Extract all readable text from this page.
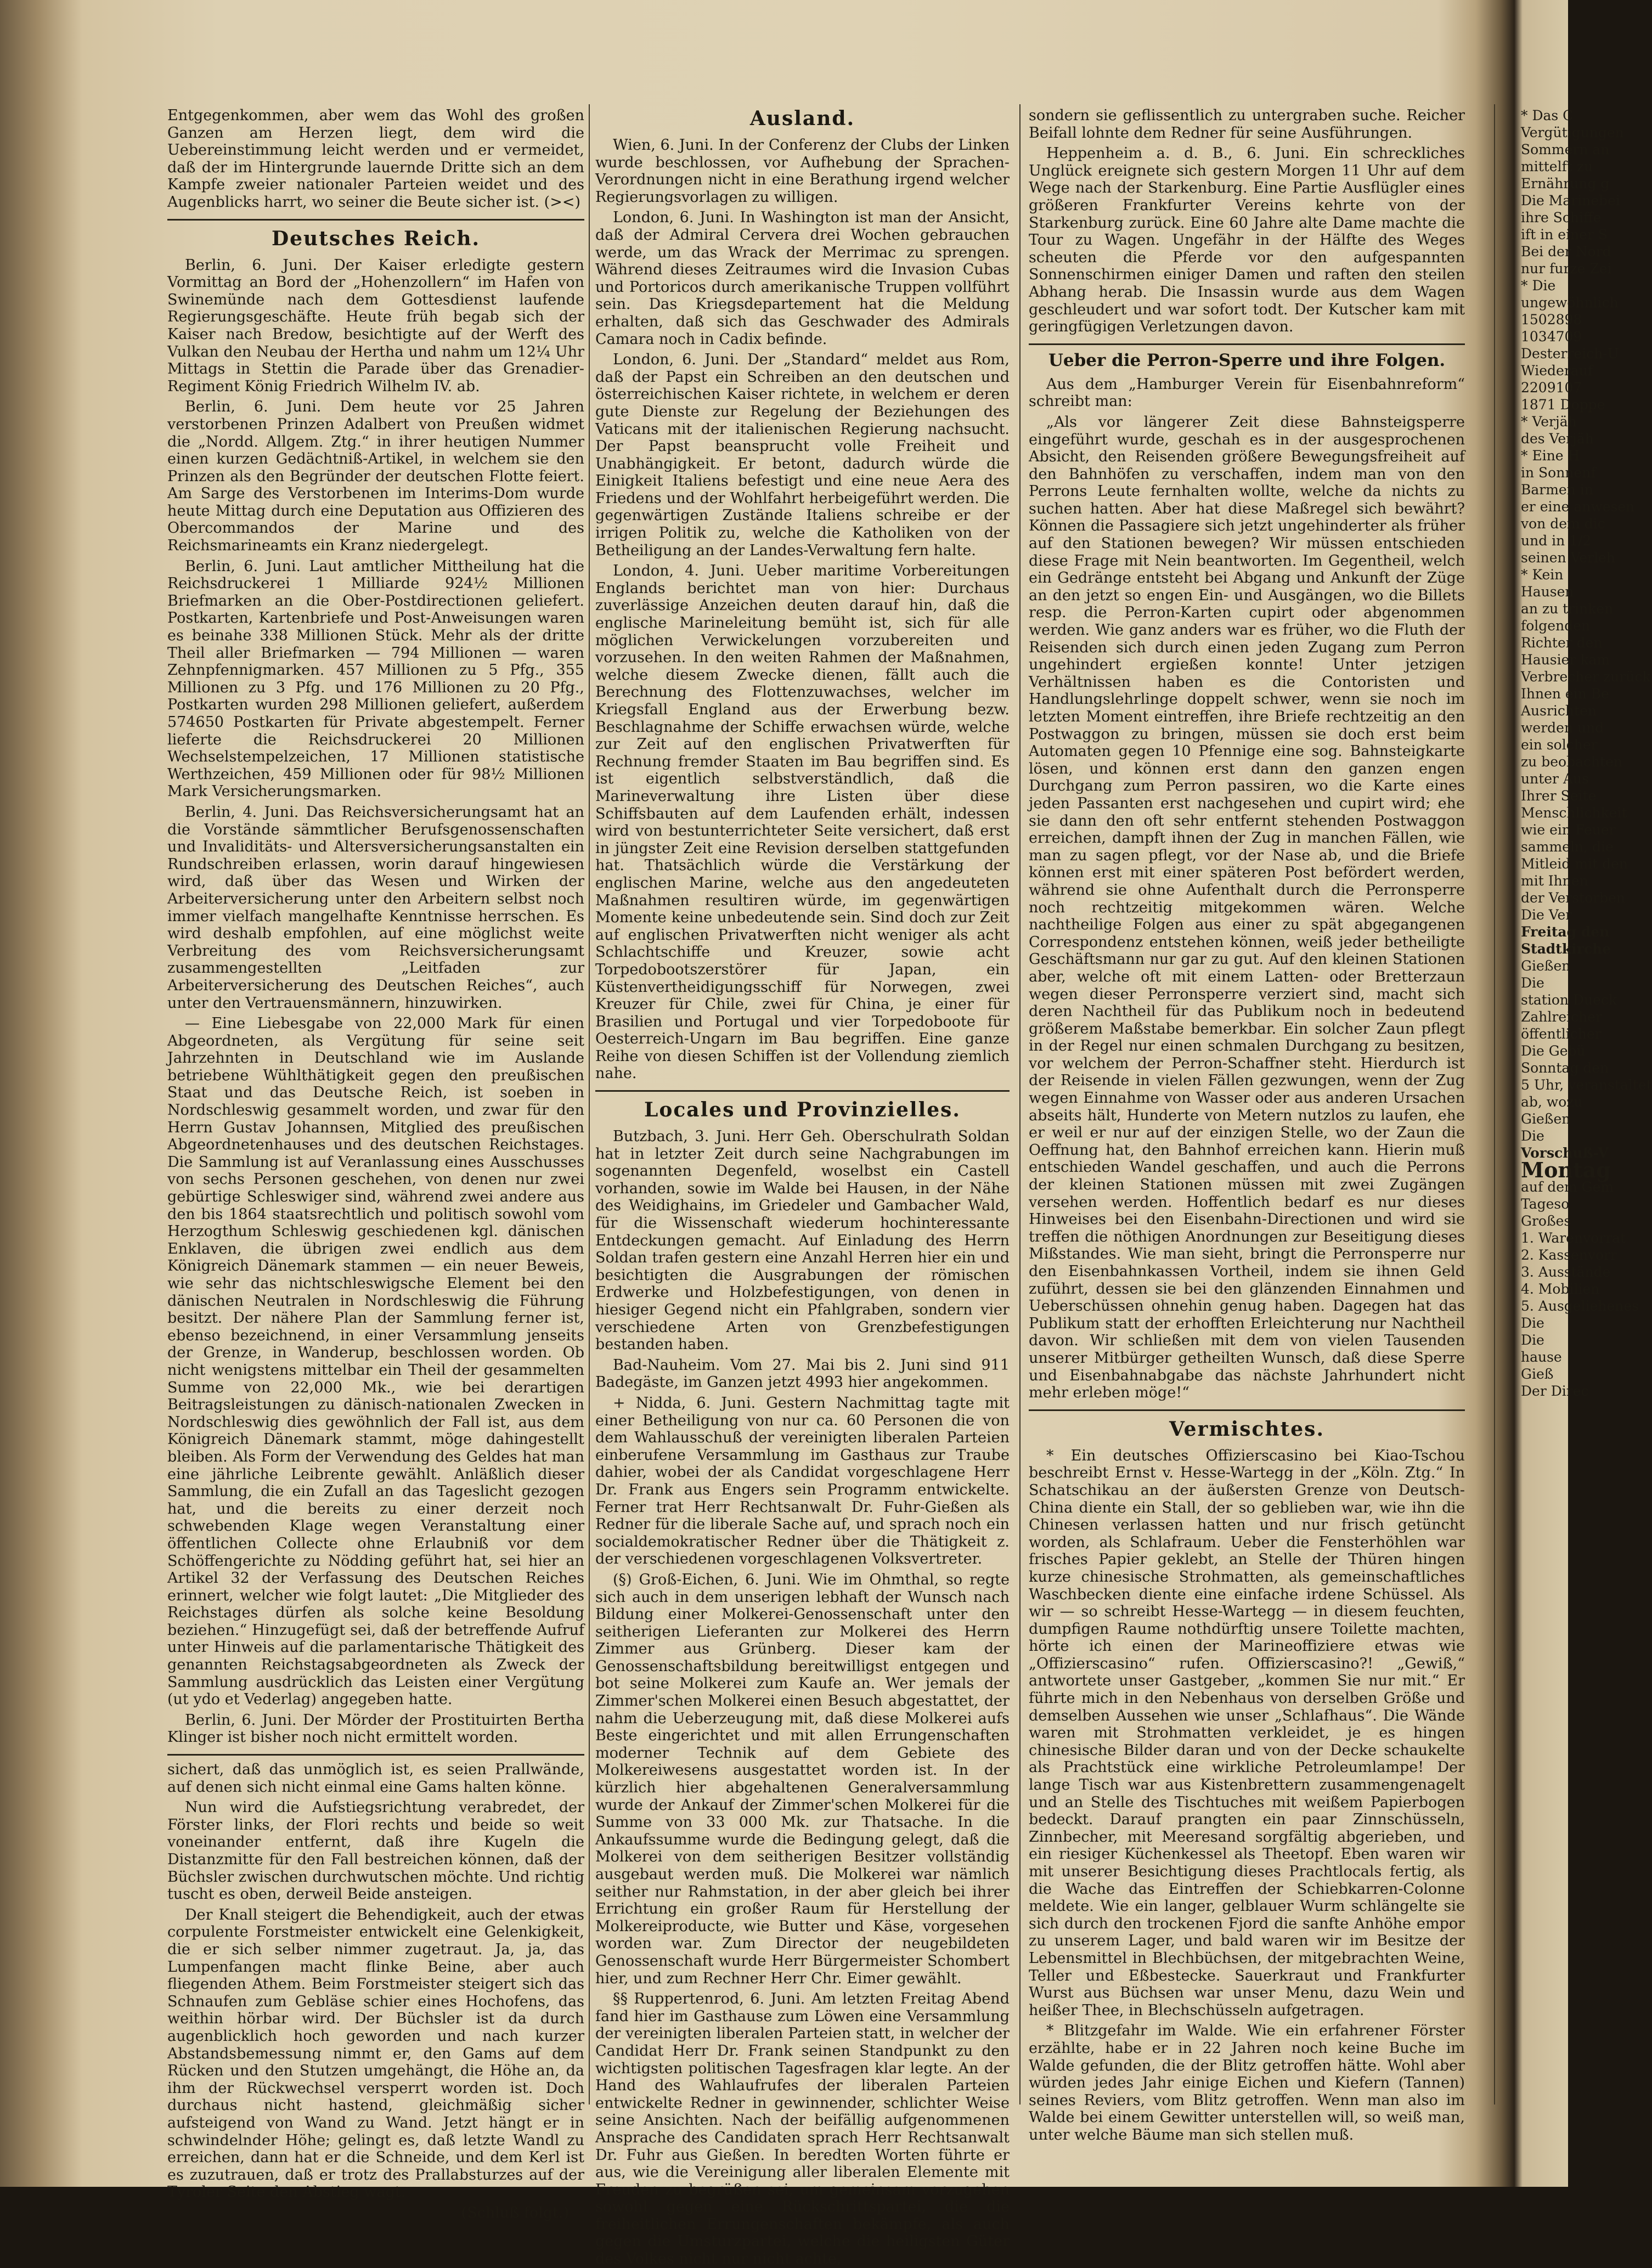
Entgegenkommen, aber wem das Wohl des großen Ganzen am Herzen liegt, dem wird die Uebereinstimmung leicht werden und er vermeidet, daß der im Hintergrunde lauernde Dritte sich an dem Kampfe zweier nationaler Parteien weidet und des Augenblicks harrt, wo seiner die Beute sicher ist. (><)

Deutsches Reich.

Berlin, 6. Juni. Der Kaiser erledigte gestern Vormittag an Bord der „Hohenzollern“ im Hafen von Swinemünde nach dem Gottesdienst laufende Regierungsgeschäfte. Heute früh begab sich der Kaiser nach Bredow, besichtigte auf der Werft des Vulkan den Neubau der Hertha und nahm um 12¼ Uhr Mittags in Stettin die Parade über das Grenadier-Regiment König Friedrich Wilhelm IV. ab.

Berlin, 6. Juni. Dem heute vor 25 Jahren verstorbenen Prinzen Adalbert von Preußen widmet die „Nordd. Allgem. Ztg.“ in ihrer heutigen Nummer einen kurzen Gedächtniß-Artikel, in welchem sie den Prinzen als den Begründer der deutschen Flotte feiert. Am Sarge des Verstorbenen im Interims-Dom wurde heute Mittag durch eine Deputation aus Offizieren des Obercommandos der Marine und des Reichsmarineamts ein Kranz niedergelegt.

Berlin, 6. Juni. Laut amtlicher Mittheilung hat die Reichsdruckerei 1 Milliarde 924½ Millionen Briefmarken an die Ober-Postdirectionen geliefert. Postkarten, Kartenbriefe und Post-Anweisungen waren es beinahe 338 Millionen Stück. Mehr als der dritte Theil aller Briefmarken — 794 Millionen — waren Zehnpfennigmarken. 457 Millionen zu 5 Pfg., 355 Millionen zu 3 Pfg. und 176 Millionen zu 20 Pfg., Postkarten wurden 298 Millionen geliefert, außerdem 574650 Postkarten für Private abgestempelt. Ferner lieferte die Reichsdruckerei 20 Millionen Wechselstempelzeichen, 17 Millionen statistische Werthzeichen, 459 Millionen oder für 98½ Millionen Mark Versicherungsmarken.

Berlin, 4. Juni. Das Reichsversicherungsamt hat an die Vorstände sämmtlicher Berufsgenossenschaften und Invaliditäts- und Altersversicherungsanstalten ein Rundschreiben erlassen, worin darauf hingewiesen wird, daß über das Wesen und Wirken der Arbeiterversicherung unter den Arbeitern selbst noch immer vielfach mangelhafte Kenntnisse herrschen. Es wird deshalb empfohlen, auf eine möglichst weite Verbreitung des vom Reichsversicherungsamt zusammengestellten „Leitfaden zur Arbeiterversicherung des Deutschen Reiches“, auch unter den Vertrauensmännern, hinzuwirken.

— Eine Liebesgabe von 22,000 Mark für einen Abgeordneten, als Vergütung für seine seit Jahrzehnten in Deutschland wie im Auslande betriebene Wühlthätigkeit gegen den preußischen Staat und das Deutsche Reich, ist soeben in Nordschleswig gesammelt worden, und zwar für den Herrn Gustav Johannsen, Mitglied des preußischen Abgeordnetenhauses und des deutschen Reichstages. Die Sammlung ist auf Veranlassung eines Ausschusses von sechs Personen geschehen, von denen nur zwei gebürtige Schleswiger sind, während zwei andere aus den bis 1864 staatsrechtlich und politisch sowohl vom Herzogthum Schleswig geschiedenen kgl. dänischen Enklaven, die übrigen zwei endlich aus dem Königreich Dänemark stammen — ein neuer Beweis, wie sehr das nichtschleswigsche Element bei den dänischen Neutralen in Nordschleswig die Führung besitzt. Der nähere Plan der Sammlung ferner ist, ebenso bezeichnend, in einer Versammlung jenseits der Grenze, in Wanderup, beschlossen worden. Ob nicht wenigstens mittelbar ein Theil der gesammelten Summe von 22,000 Mk., wie bei derartigen Beitragsleistungen zu dänisch-nationalen Zwecken in Nordschleswig dies gewöhnlich der Fall ist, aus dem Königreich Dänemark stammt, möge dahingestellt bleiben. Als Form der Verwendung des Geldes hat man eine jährliche Leibrente gewählt. Anläßlich dieser Sammlung, die ein Zufall an das Tageslicht gezogen hat, und die bereits zu einer derzeit noch schwebenden Klage wegen Veranstaltung einer öffentlichen Collecte ohne Erlaubniß vor dem Schöffengerichte zu Nödding geführt hat, sei hier an Artikel 32 der Verfassung des Deutschen Reiches erinnert, welcher wie folgt lautet: „Die Mitglieder des Reichstages dürfen als solche keine Besoldung beziehen.“ Hinzugefügt sei, daß der betreffende Aufruf unter Hinweis auf die parlamentarische Thätigkeit des genannten Reichstagsabgeordneten als Zweck der Sammlung ausdrücklich das Leisten einer Vergütung (ut ydo et Vederlag) angegeben hatte.

Berlin, 6. Juni. Der Mörder der Prostituirten Bertha Klinger ist bisher noch nicht ermittelt worden.

sichert, daß das unmöglich ist, es seien Prallwände, auf denen sich nicht einmal eine Gams halten könne.

Nun wird die Aufstiegsrichtung verabredet, der Förster links, der Flori rechts und beide so weit voneinander entfernt, daß ihre Kugeln die Distanzmitte für den Fall bestreichen können, daß der Büchsler zwischen durchwutschen möchte. Und richtig tuscht es oben, derweil Beide ansteigen.

Der Knall steigert die Behendigkeit, auch der etwas corpulente Forstmeister entwickelt eine Gelenkigkeit, die er sich selber nimmer zugetraut. Ja, ja, das Lumpenfangen macht flinke Beine, aber auch fliegenden Athem. Beim Forstmeister steigert sich das Schnaufen zum Gebläse schier eines Hochofens, das weithin hörbar wird. Der Büchsler ist da durch augenblicklich hoch geworden und nach kurzer Abstandsbemessung nimmt er, den Gams auf dem Rücken und den Stutzen umgehängt, die Höhe an, da ihm der Rückwechsel versperrt worden ist. Doch durchaus nicht hastend, gleichmäßig sicher aufsteigend von Wand zu Wand. Jetzt hängt er in schwindelnder Höhe; gelingt es, daß letzte Wandl zu erreichen, dann hat er die Schneide, und dem Kerl ist es zuzutrauen, daß er trotz des Prallabsturzes auf der Tyroler Seite den Abstieg wagt.

(Schluß folgt.)

Ausland.

Wien, 6. Juni. In der Conferenz der Clubs der Linken wurde beschlossen, vor Aufhebung der Sprachen-Verordnungen nicht in eine Berathung irgend welcher Regierungsvorlagen zu willigen.

London, 6. Juni. In Washington ist man der Ansicht, daß der Admiral Cervera drei Wochen gebrauchen werde, um das Wrack der Merrimac zu sprengen. Während dieses Zeitraumes wird die Invasion Cubas und Portoricos durch amerikanische Truppen vollführt sein. Das Kriegsdepartement hat die Meldung erhalten, daß sich das Geschwader des Admirals Camara noch in Cadix befinde.

London, 6. Juni. Der „Standard“ meldet aus Rom, daß der Papst ein Schreiben an den deutschen und österreichischen Kaiser richtete, in welchem er deren gute Dienste zur Regelung der Beziehungen des Vaticans mit der italienischen Regierung nachsucht. Der Papst beansprucht volle Freiheit und Unabhängigkeit. Er betont, dadurch würde die Einigkeit Italiens befestigt und eine neue Aera des Friedens und der Wohlfahrt herbeigeführt werden. Die gegenwärtigen Zustände Italiens schreibe er der irrigen Politik zu, welche die Katholiken von der Betheiligung an der Landes-Verwaltung fern halte.

London, 4. Juni. Ueber maritime Vorbereitungen Englands berichtet man von hier: Durchaus zuverlässige Anzeichen deuten darauf hin, daß die englische Marineleitung bemüht ist, sich für alle möglichen Verwickelungen vorzubereiten und vorzusehen. In den weiten Rahmen der Maßnahmen, welche diesem Zwecke dienen, fällt auch die Berechnung des Flottenzuwachses, welcher im Kriegsfall England aus der Erwerbung bezw. Beschlagnahme der Schiffe erwachsen würde, welche zur Zeit auf den englischen Privatwerften für Rechnung fremder Staaten im Bau begriffen sind. Es ist eigentlich selbstverständlich, daß die Marineverwaltung ihre Listen über diese Schiffsbauten auf dem Laufenden erhält, indessen wird von bestunterrichteter Seite versichert, daß erst in jüngster Zeit eine Revision derselben stattgefunden hat. Thatsächlich würde die Verstärkung der englischen Marine, welche aus den angedeuteten Maßnahmen resultiren würde, im gegenwärtigen Momente keine unbedeutende sein. Sind doch zur Zeit auf englischen Privatwerften nicht weniger als acht Schlachtschiffe und Kreuzer, sowie acht Torpedobootszerstörer für Japan, ein Küstenvertheidigungsschiff für Norwegen, zwei Kreuzer für Chile, zwei für China, je einer für Brasilien und Portugal und vier Torpedoboote für Oesterreich-Ungarn im Bau begriffen. Eine ganze Reihe von diesen Schiffen ist der Vollendung ziemlich nahe.

Locales und Provinzielles.

Butzbach, 3. Juni. Herr Geh. Oberschulrath Soldan hat in letzter Zeit durch seine Nachgrabungen im sogenannten Degenfeld, woselbst ein Castell vorhanden, sowie im Walde bei Hausen, in der Nähe des Weidighains, im Griedeler und Gambacher Wald, für die Wissenschaft wiederum hochinteressante Entdeckungen gemacht. Auf Einladung des Herrn Soldan trafen gestern eine Anzahl Herren hier ein und besichtigten die Ausgrabungen der römischen Erdwerke und Holzbefestigungen, von denen in hiesiger Gegend nicht ein Pfahlgraben, sondern vier verschiedene Arten von Grenzbefestigungen bestanden haben.

Bad-Nauheim. Vom 27. Mai bis 2. Juni sind 911 Badegäste, im Ganzen jetzt 4993 hier angekommen.

+ Nidda, 6. Juni. Gestern Nachmittag tagte mit einer Betheiligung von nur ca. 60 Personen die von dem Wahlausschuß der vereinigten liberalen Parteien einberufene Versammlung im Gasthaus zur Traube dahier, wobei der als Candidat vorgeschlagene Herr Dr. Frank aus Engers sein Programm entwickelte. Ferner trat Herr Rechtsanwalt Dr. Fuhr-Gießen als Redner für die liberale Sache auf, und sprach noch ein socialdemokratischer Redner über die Thätigkeit z. der verschiedenen vorgeschlagenen Volksvertreter.

(§) Groß-Eichen, 6. Juni. Wie im Ohmthal, so regte sich auch in dem unserigen lebhaft der Wunsch nach Bildung einer Molkerei-Genossenschaft unter den seitherigen Lieferanten zur Molkerei des Herrn Zimmer aus Grünberg. Dieser kam der Genossenschaftsbildung bereitwilligst entgegen und bot seine Molkerei zum Kaufe an. Wer jemals der Zimmer'schen Molkerei einen Besuch abgestattet, der nahm die Ueberzeugung mit, daß diese Molkerei aufs Beste eingerichtet und mit allen Errungenschaften moderner Technik auf dem Gebiete des Molkereiwesens ausgestattet worden ist. In der kürzlich hier abgehaltenen Generalversammlung wurde der Ankauf der Zimmer'schen Molkerei für die Summe von 33 000 Mk. zur Thatsache. In die Ankaufssumme wurde die Bedingung gelegt, daß die Molkerei von dem seitherigen Besitzer vollständig ausgebaut werden muß. Die Molkerei war nämlich seither nur Rahmstation, in der aber gleich bei ihrer Errichtung ein großer Raum für Herstellung der Molkereiproducte, wie Butter und Käse, vorgesehen worden war. Zum Director der neugebildeten Genossenschaft wurde Herr Bürgermeister Schombert hier, und zum Rechner Herr Chr. Eimer gewählt.

§§ Ruppertenrod, 6. Juni. Am letzten Freitag Abend fand hier im Gasthause zum Löwen eine Versammlung der vereinigten liberalen Parteien statt, in welcher der Candidat Herr Dr. Frank seinen Standpunkt zu den wichtigsten politischen Tagesfragen klar legte. An der Hand des Wahlaufrufes der liberalen Parteien entwickelte Redner in gewinnender, schlichter Weise seine Ansichten. Nach der beifällig aufgenommenen Ansprache des Candidaten sprach Herr Rechtsanwalt Dr. Fuhr aus Gießen. In beredten Worten führte er aus, wie die Vereinigung aller liberalen Elemente mit Freuden zu begrüßen sei, um gemeinsam vorzugehen sowohl gegen eine Rückschrittspartei, die die freiheitlichen Errungenschaften bekämpfe, als auch gegen die Umsturzpartei, welche die heiligsten Güter des Volkes nicht nur nicht achte,

sondern sie geflissentlich zu untergraben suche. Reicher Beifall lohnte dem Redner für seine Ausführungen.

Heppenheim a. d. B., 6. Juni. Ein schreckliches Unglück ereignete sich gestern Morgen 11 Uhr auf dem Wege nach der Starkenburg. Eine Partie Ausflügler eines größeren Frankfurter Vereins kehrte von der Starkenburg zurück. Eine 60 Jahre alte Dame machte die Tour zu Wagen. Ungefähr in der Hälfte des Weges scheuten die Pferde vor den aufgespannten Sonnenschirmen einiger Damen und raften den steilen Abhang herab. Die Insassin wurde aus dem Wagen geschleudert und war sofort todt. Der Kutscher kam mit geringfügigen Verletzungen davon.

Ueber die Perron-Sperre und ihre Folgen.

Aus dem „Hamburger Verein für Eisenbahnreform“ schreibt man:

„Als vor längerer Zeit diese Bahnsteigsperre eingeführt wurde, geschah es in der ausgesprochenen Absicht, den Reisenden größere Bewegungsfreiheit auf den Bahnhöfen zu verschaffen, indem man von den Perrons Leute fernhalten wollte, welche da nichts zu suchen hatten. Aber hat diese Maßregel sich bewährt? Können die Passagiere sich jetzt ungehinderter als früher auf den Stationen bewegen? Wir müssen entschieden diese Frage mit Nein beantworten. Im Gegentheil, welch ein Gedränge entsteht bei Abgang und Ankunft der Züge an den jetzt so engen Ein- und Ausgängen, wo die Billets resp. die Perron-Karten cupirt oder abgenommen werden. Wie ganz anders war es früher, wo die Fluth der Reisenden sich durch einen jeden Zugang zum Perron ungehindert ergießen konnte! Unter jetzigen Verhältnissen haben es die Contoristen und Handlungslehrlinge doppelt schwer, wenn sie noch im letzten Moment eintreffen, ihre Briefe rechtzeitig an den Postwaggon zu bringen, müssen sie doch erst beim Automaten gegen 10 Pfennige eine sog. Bahnsteigkarte lösen, und können erst dann den ganzen engen Durchgang zum Perron passiren, wo die Karte eines jeden Passanten erst nachgesehen und cupirt wird; ehe sie dann den oft sehr entfernt stehenden Postwaggon erreichen, dampft ihnen der Zug in manchen Fällen, wie man zu sagen pflegt, vor der Nase ab, und die Briefe können erst mit einer späteren Post befördert werden, während sie ohne Aufenthalt durch die Perronsperre noch rechtzeitig mitgekommen wären. Welche nachtheilige Folgen aus einer zu spät abgegangenen Correspondenz entstehen können, weiß jeder betheiligte Geschäftsmann nur gar zu gut. Auf den kleinen Stationen aber, welche oft mit einem Latten- oder Bretterzaun wegen dieser Perronsperre verziert sind, macht sich deren Nachtheil für das Publikum noch in bedeutend größerem Maßstabe bemerkbar. Ein solcher Zaun pflegt in der Regel nur einen schmalen Durchgang zu besitzen, vor welchem der Perron-Schaffner steht. Hierdurch ist der Reisende in vielen Fällen gezwungen, wenn der Zug wegen Einnahme von Wasser oder aus anderen Ursachen abseits hält, Hunderte von Metern nutzlos zu laufen, ehe er weil er nur auf der einzigen Stelle, wo der Zaun die Oeffnung hat, den Bahnhof erreichen kann. Hierin muß entschieden Wandel geschaffen, und auch die Perrons der kleinen Stationen müssen mit zwei Zugängen versehen werden. Hoffentlich bedarf es nur dieses Hinweises bei den Eisenbahn-Directionen und wird sie treffen die nöthigen Anordnungen zur Beseitigung dieses Mißstandes. Wie man sieht, bringt die Perronsperre nur den Eisenbahnkassen Vortheil, indem sie ihnen Geld zuführt, dessen sie bei den glänzenden Einnahmen und Ueberschüssen ohnehin genug haben. Dagegen hat das Publikum statt der erhofften Erleichterung nur Nachtheil davon. Wir schließen mit dem von vielen Tausenden unserer Mitbürger getheilten Wunsch, daß diese Sperre und Eisenbahnabgabe das nächste Jahrhundert nicht mehr erleben möge!“

Vermischtes.

* Ein deutsches Offizierscasino bei Kiao-Tschou beschreibt Ernst v. Hesse-Wartegg in der „Köln. Ztg.“ In Schatschikau an der äußersten Grenze von Deutsch-China diente ein Stall, der so geblieben war, wie ihn die Chinesen verlassen hatten und nur frisch getüncht worden, als Schlafraum. Ueber die Fensterhöhlen war frisches Papier geklebt, an Stelle der Thüren hingen kurze chinesische Strohmatten, als gemeinschaftliches Waschbecken diente eine einfache irdene Schüssel. Als wir — so schreibt Hesse-Wartegg — in diesem feuchten, dumpfigen Raume nothdürftig unsere Toilette machten, hörte ich einen der Marineoffiziere etwas wie „Offizierscasino“ rufen. Offizierscasino?! „Gewiß,“ antwortete unser Gastgeber, „kommen Sie nur mit.“ Er führte mich in den Nebenhaus von derselben Größe und demselben Aussehen wie unser „Schlafhaus“. Die Wände waren mit Strohmatten verkleidet, je es hingen chinesische Bilder daran und von der Decke schaukelte als Prachtstück eine wirkliche Petroleumlampe! Der lange Tisch war aus Kistenbrettern zusammengenagelt und an Stelle des Tischtuches mit weißem Papierbogen bedeckt. Darauf prangten ein paar Zinnschüsseln, Zinnbecher, mit Meeresand sorgfältig abgerieben, und ein riesiger Küchenkessel als Theetopf. Eben waren wir mit unserer Besichtigung dieses Prachtlocals fertig, als die Wache das Eintreffen der Schiebkarren-Colonne meldete. Wie ein langer, gelblauer Wurm schlängelte sie sich durch den trockenen Fjord die sanfte Anhöhe empor zu unserem Lager, und bald waren wir im Besitze der Lebensmittel in Blechbüchsen, der mitgebrachten Weine, Teller und Eßbestecke. Sauerkraut und Frankfurter Wurst aus Büchsen war unser Menu, dazu Wein und heißer Thee, in Blechschüsseln aufgetragen.

* Blitzgefahr im Walde. Wie ein erfahrener Förster erzählte, habe er in 22 Jahren noch keine Buche im Walde gefunden, die der Blitz getroffen hätte. Wohl aber würden jedes Jahr einige Eichen und Kiefern (Tannen) seines Reviers, vom Blitz getroffen. Wenn man also im Walde bei einem Gewitter unterstellen will, so weiß man, unter welche Bäume man sich stellen muß.

* Das C

Vergütigungen

Sommern an

mittelft zu

Ernährung g

Die Marinebei

ihre Schiffe

ift in einer S

Bei der Nord

nur furze Zei

* Die

ungewöhnlich

1502898

1034709

Desterreich-U

Wiederauf

2209107

1871 Doppe

* Verjäh

des Verjäh

* Eine H

in Sonnenf

Barmen in

er eine anwesen

von dem dic

und in 1/2

seinen Verleh

* Kein

Hausen

an zu trinken

folgenden

Richter den

Hausier kam

Verbrecher zurück

Ihnen ein Be

Ausrichten

werden und

ein solcher

zu beobachten

unter Aus

Ihrer Seite

Menschlichkeit

wie ein Feuer

sammeln, die

Mitleid mit den

mit Ihnen

der Verstorben

Die Ver

Freitag den

Stadtkirche

Gießen

Die

station Dueck

Zahlreicher

öffentlicher

Die Gebü

Sonntag den

5 Uhr, veranstaltet

ab, wozu

Gießen

Die

Vorschuß-V

Montag

auf dem Gem

Tageso

Großes

1. Warenvorrat

2. Kassenvorr

3. Ausstände

4. Mobilien

5. Ausgeliehenes

Die

Die

hause

Gieß

Der Direc
